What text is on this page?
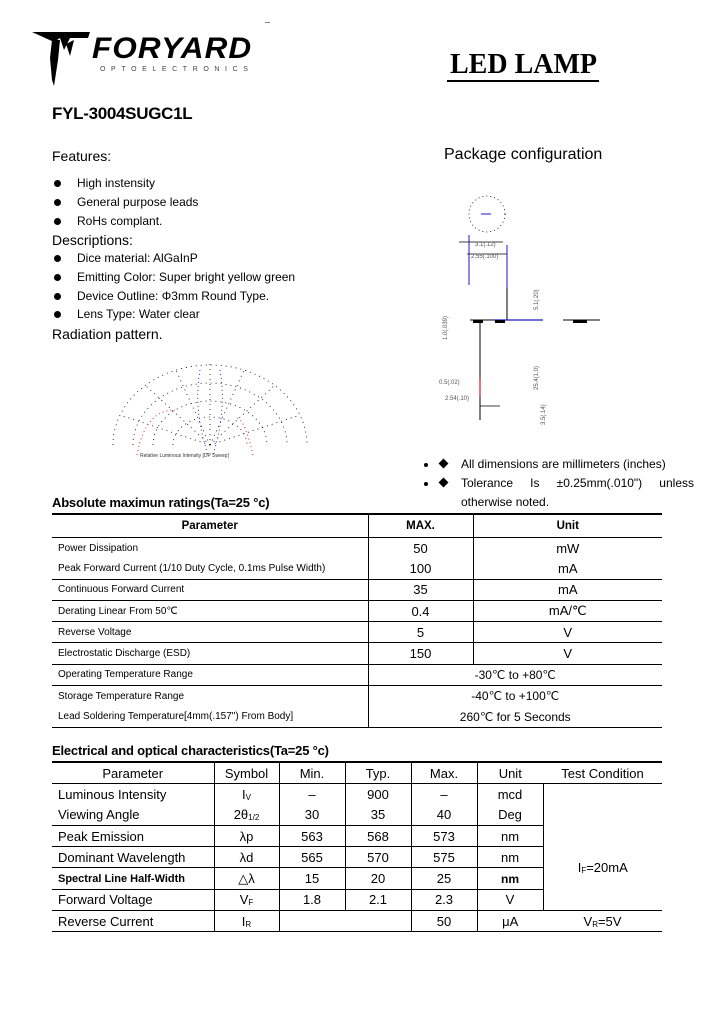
FORYARD
OPTOELECTRONICS	LED LAMP
FYL-3004SUGC1L
Features:
High instensity
General purpose leads
RoHs complant.
Descriptions:
Dice material: AlGaInP
Emitting Color: Super bright yellow green
Device Outline: Φ3mm Round Type.
Lens Type: Water clear
Radiation pattern.
Relative Luminous Intensity [DP Sweep]
Package configuration
3.1(.12)
2.55(.100)
5.1(.20)
1.0(.039)
25.4(1.0)
0.5(.02)
2.54(.10)
3.5(.14)
• All dimensions are millimeters (inches)
• Tolerance Is ±0.25mm(.010") unless otherwise noted.
Absolute maximun ratings(Ta=25 °c)
Parameter	MAX.	Unit
Power Dissipation	50	mW
Peak Forward Current (1/10 Duty Cycle, 0.1ms Pulse Width)	100	mA
Continuous Forward Current	35	mA
Derating Linear From 50℃	0.4	mA/℃
Reverse Voltage	5	V
Electrostatic Discharge (ESD)	150	V
Operating Temperature Range	-30℃ to +80℃	
Storage Temperature Range	-40℃ to +100℃	
Lead Soldering Temperature[4mm(.157") From Body]	260℃ for 5 Seconds	
Electrical and optical characteristics(Ta=25 °c)
Parameter	Symbol	Min.	Typ.	Max.	Unit	Test Condition
Luminous Intensity	$I_V$	–	900	–	mcd	
Viewing Angle	$2\theta_{1/2}$	30	35	40	Deg	
Peak Emission	λp	563	568	573	nm	$I_F=20mA$
Dominant Wavelength	λd	565	570	575	nm	
Spectral Line Half-Width	△λ	15	20	25	nm	
Forward Voltage	$V_F$	1.8	2.1	2.3	V	
Reverse Current	$I_R$			50	μA	$V_R=5V$
